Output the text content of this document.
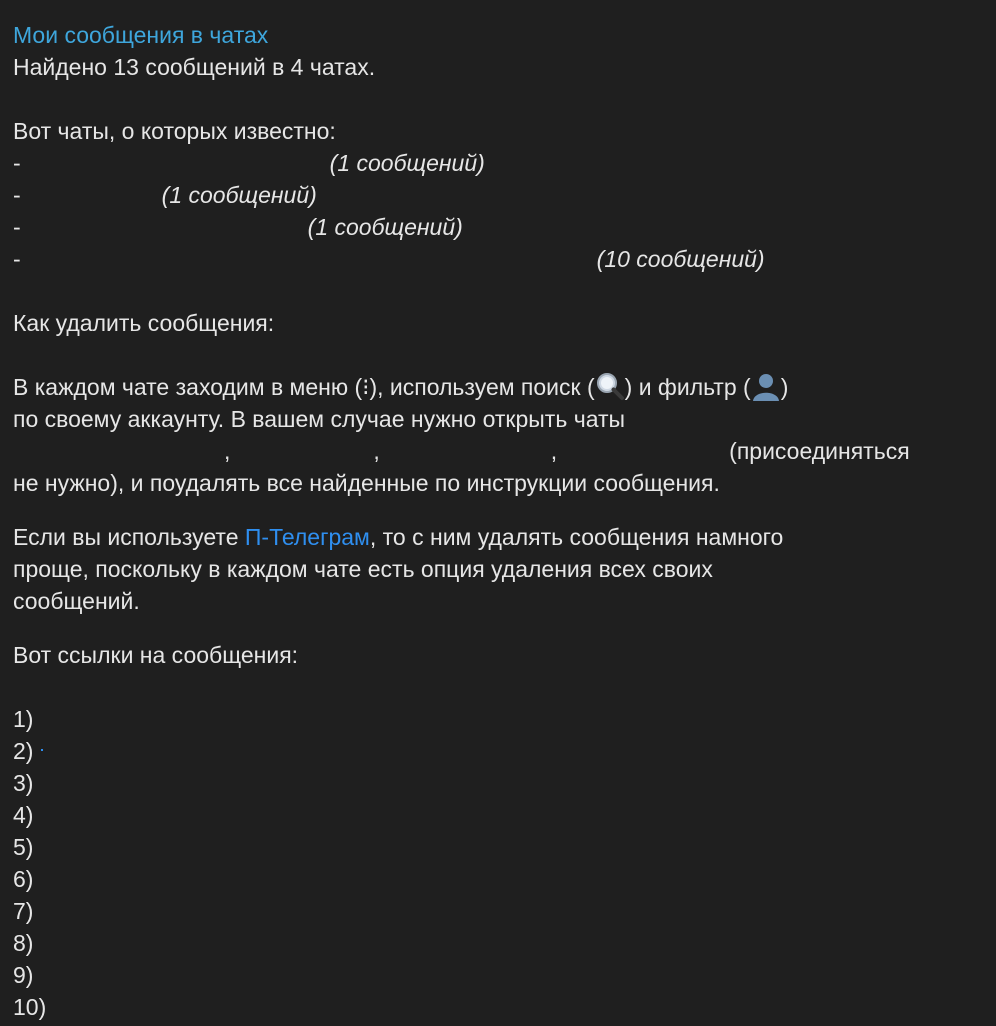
Мои сообщения в чатах
Найдено 13 сообщений в 4 чатах.
Вот чаты, о которых известно:
-	(1 сообщений)
-	(1 сообщений)
-	(1 сообщений)
-	(10 сообщений)
Как удалить сообщения:
В каждом чате заходим в меню (⁝), используем поиск ( ) и фильтр ( )
по своему аккаунту. В вашем случае нужно открыть чаты
,	,	,	(присоединяться
не нужно), и поудалять все найденные по инструкции сообщения.
Если вы используете П-Телеграм, то с ним удалять сообщения намного
проще, поскольку в каждом чате есть опция удаления всех своих
сообщений.
Вот ссылки на сообщения:
1)
2)
3)
4)
5)
6)
7)
8)
9)
10)
